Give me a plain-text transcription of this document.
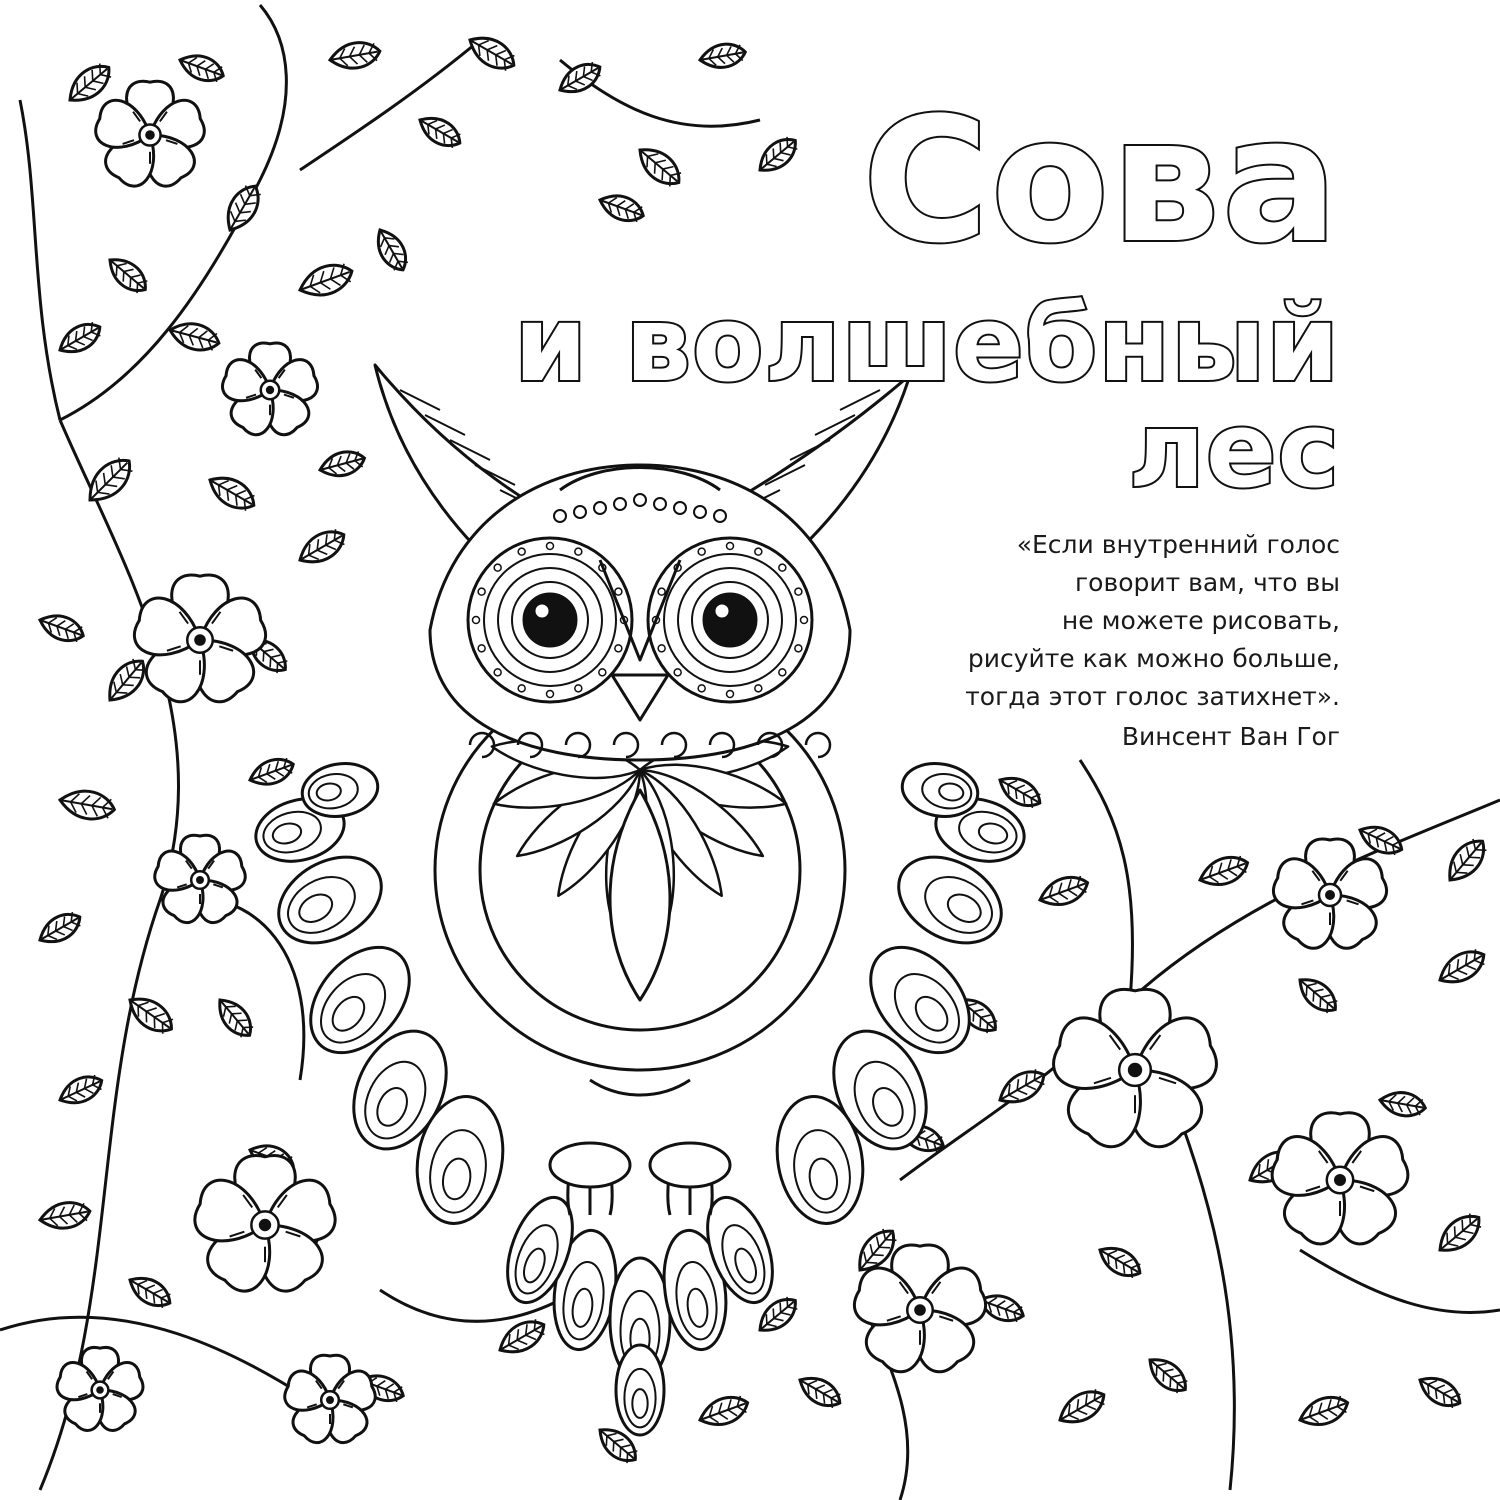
Сова
и волшебный
лес

«Если внутренний голос
говорит вам, что вы
не можете рисовать,
рисуйте как можно больше,
тогда этот голос затихнет».

Винсент Ван Гог
